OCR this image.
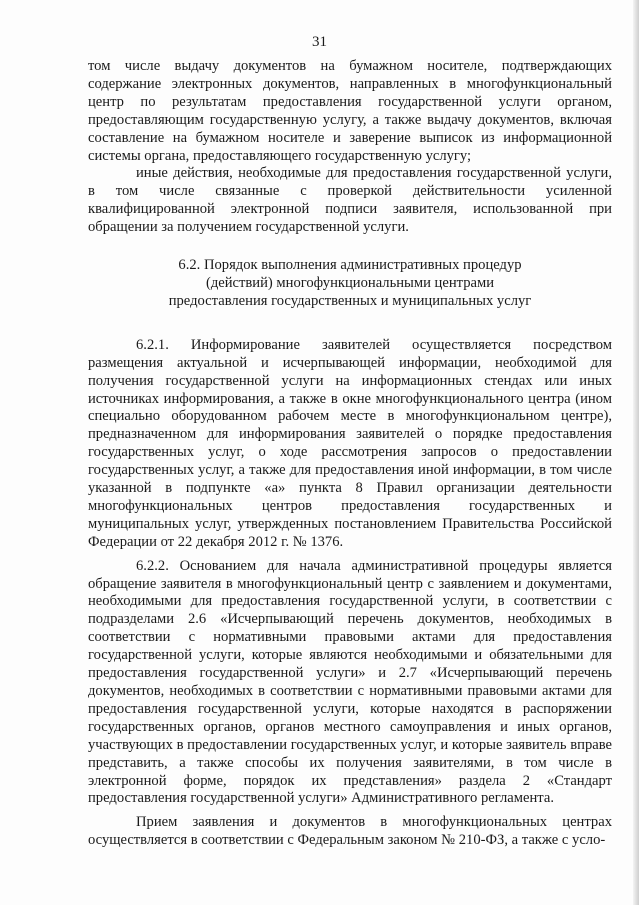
31

том числе выдачу документов на бумажном носителе, подтверждающих содержание электронных документов, направленных в многофункциональный центр по результатам предоставления государственной услуги органом, предоставляющим государственную услугу, а также выдачу документов, включая составление на бумажном носителе и заверение выписок из информационной системы органа, предоставляющего государственную услугу;

иные действия, необходимые для предоставления государственной услуги, в том числе связанные с проверкой действительности усиленной квалифицированной электронной подписи заявителя, использованной при обращении за получением государственной услуги.

6.2. Порядок выполнения административных процедур
(действий) многофункциональными центрами
предоставления государственных и муниципальных услуг

6.2.1. Информирование заявителей осуществляется посредством размещения актуальной и исчерпывающей информации, необходимой для получения государственной услуги на информационных стендах или иных источниках информирования, а также в окне многофункционального центра (ином специально оборудованном рабочем месте в многофункциональном центре), предназначенном для информирования заявителей о порядке предоставления государственных услуг, о ходе рассмотрения запросов о предоставлении государственных услуг, а также для предоставления иной информации, в том числе указанной в подпункте «а» пункта 8 Правил организации деятельности многофункциональных центров предоставления государственных и муниципальных услуг, утвержденных постановлением Правительства Российской Федерации от 22 декабря 2012 г. № 1376.

6.2.2. Основанием для начала административной процедуры является обращение заявителя в многофункциональный центр с заявлением и документами, необходимыми для предоставления государственной услуги, в соответствии с подразделами 2.6 «Исчерпывающий перечень документов, необходимых в соответствии с нормативными правовыми актами для предоставления государственной услуги, которые являются необходимыми и обязательными для предоставления государственной услуги» и 2.7 «Исчерпывающий перечень документов, необходимых в соответствии с нормативными правовыми актами для предоставления государственной услуги, которые находятся в распоряжении государственных органов, органов местного самоуправления и иных органов, участвующих в предоставлении государственных услуг, и которые заявитель вправе представить, а также способы их получения заявителями, в том числе в электронной форме, порядок их представления» раздела 2 «Стандарт предоставления государственной услуги» Административного регламента.

Прием заявления и документов в многофункциональных центрах осуществляется в соответствии с Федеральным законом № 210-ФЗ, а также с усло-
